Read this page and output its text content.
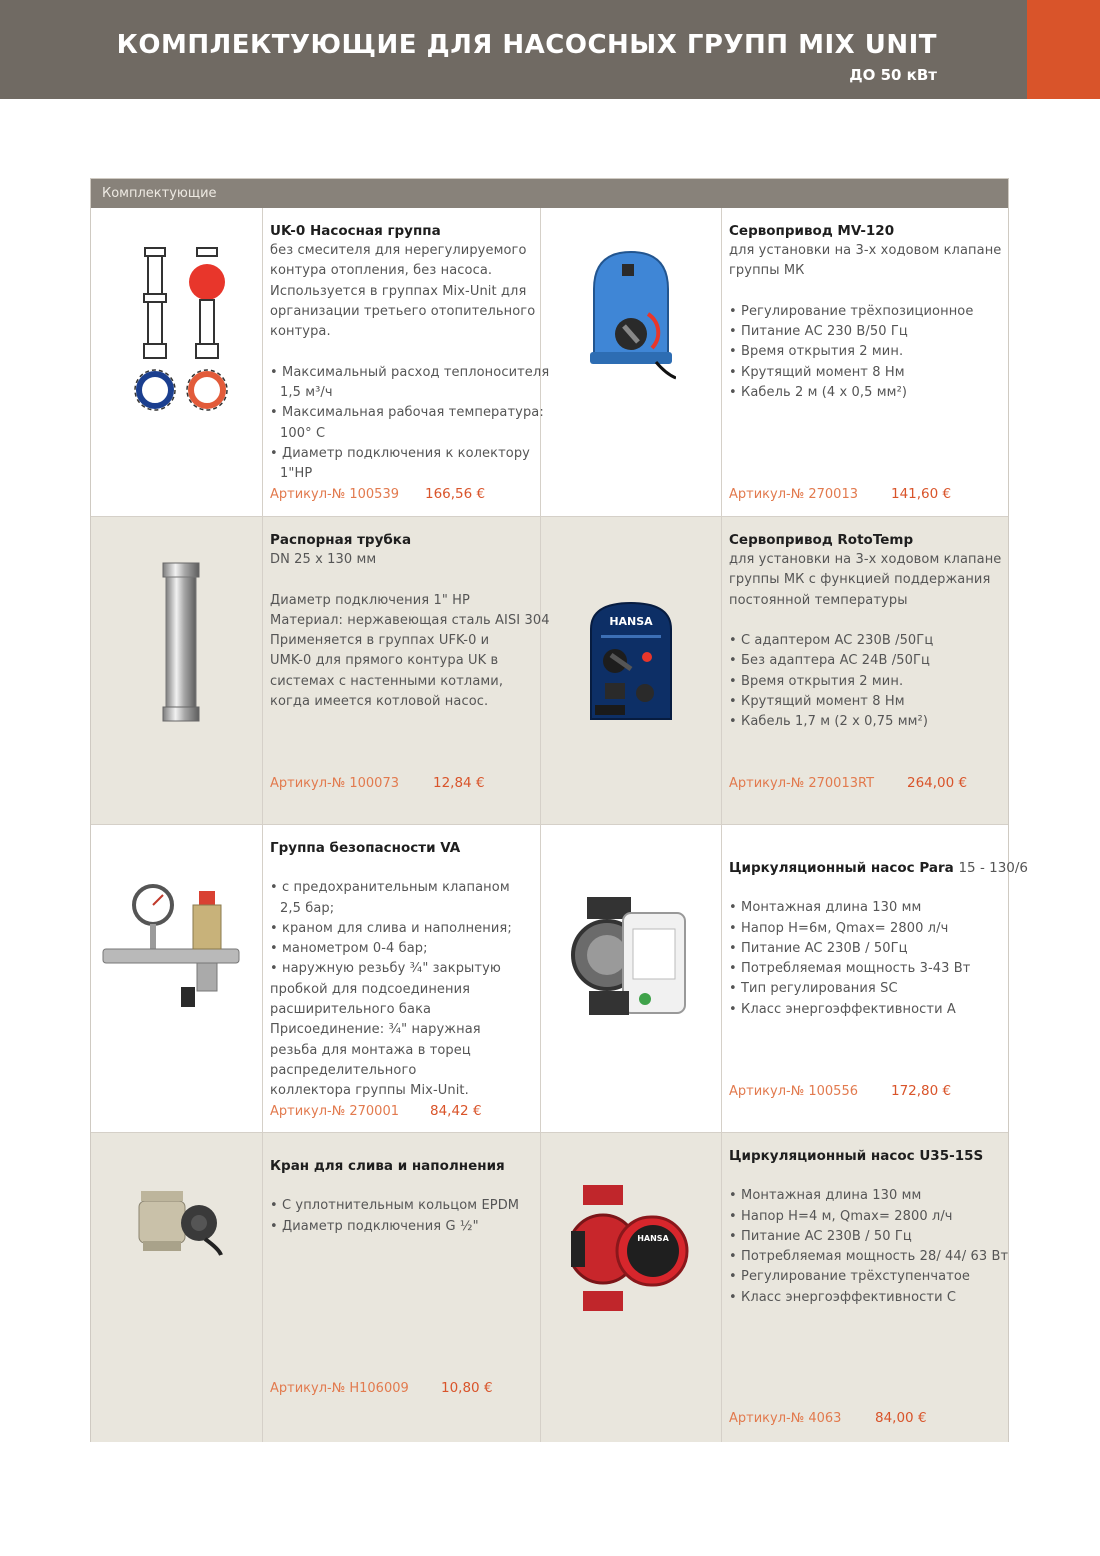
КОМПЛЕКТУЮЩИЕ ДЛЯ НАСОСНЫХ ГРУПП MIX UNIT
ДО 50 кВт
Комплектующие
UK-0 Насосная группа
без смесителя для нерегулируемого
контура отопления, без насоса.
Используется в группах Mix-Unit для
организации третьего отопительного
контура.

• Максимальный расход теплоносителя
1,5 м³/ч
• Максимальная рабочая температура:
100° С
• Диаметр подключения к колектору
1"НР
Артикул-№ 100539 166,56 €
Сервопривод MV-120
для установки на 3-х ходовом клапане
группы МК

• Регулирование трёхпозиционное
• Питание АС 230 В/50 Гц
• Время открытия 2 мин.
• Крутящий момент 8 Нм
• Кабель 2 м (4 х 0,5 мм²)
Артикул-№ 270013 141,60 €
Распорная трубка
DN 25 x 130 мм

Диаметр подключения 1" НР
Материал: нержавеющая сталь AISI 304
Применяется в группах UFK-0 и
UMK-0 для прямого контура UK в
системах с настенными котлами,
когда имеется котловой насос.
Артикул-№ 100073	12,84 €
HANSA
Сервопривод RotoTemp
для установки на 3-х ходовом клапане
группы МК с функцией поддержания
постоянной температуры

• С адаптером AC 230В /50Гц
• Без адаптера AC 24В /50Гц
• Время открытия 2 мин.
• Крутящий момент 8 Нм
• Кабель 1,7 м (2 х 0,75 мм²)
Артикул-№ 270013RT 264,00 €
Группа безопасности VA

• с предохранительным клапаном
2,5 бар;
• краном для слива и наполнения;
• манометром 0-4 бар;
• наружную резьбу ¾" закрытую
пробкой для подсоединения
расширительного бака
Присоединение: ¾" наружная
резьба для монтажа в торец
распределительного
коллектора группы Mix-Unit.
Артикул-№ 270001 84,42 €
Циркуляционный насос Para 15 - 130/6

• Монтажная длина 130 мм
• Напор Н=6м, Qmax= 2800 л/ч
• Питание AC 230В / 50Гц
• Потребляемая мощность 3-43 Вт
• Тип регулирования SC
• Класс энергоэффективности А
Артикул-№ 100556 172,80 €
Кран для слива и наполнения

• С уплотнительным кольцом EPDM
• Диаметр подключения G ½"
Артикул-№ H106009 10,80 €
HANSA
Циркуляционный насос U35-15S

• Монтажная длина 130 мм
• Напор Н=4 м, Qmax= 2800 л/ч
• Питание AC 230В / 50 Гц
• Потребляемая мощность 28/ 44/ 63 Вт
• Регулирование трёхступенчатое
• Класс энергоэффективности С
Артикул-№ 4063 84,00 €
